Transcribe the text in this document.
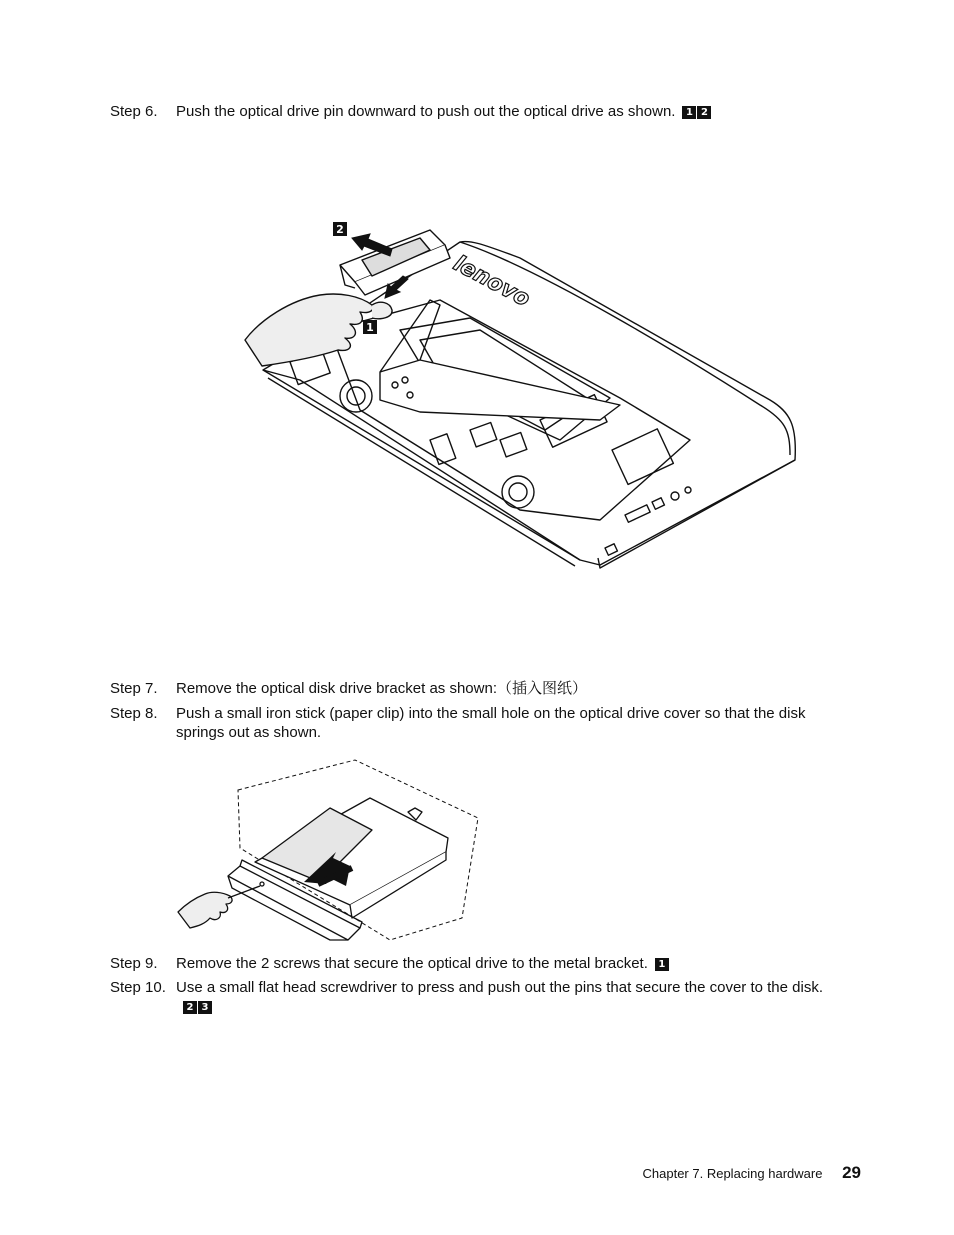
Step 6. Push the optical drive pin downward to push out the optical drive as shown. 1 2
lenovo
2
1
Step 7. Remove the optical disk drive bracket as shown:（插入图纸）
Step 8. Push a small iron stick (paper clip) into the small hole on the optical drive cover so that the disk springs out as shown.
Step 9. Remove the 2 screws that secure the optical drive to the metal bracket. 1
Step 10. Use a small flat head screwdriver to press and push out the pins that secure the cover to the disk.2 3
Chapter 7. Replacing hardware 29
